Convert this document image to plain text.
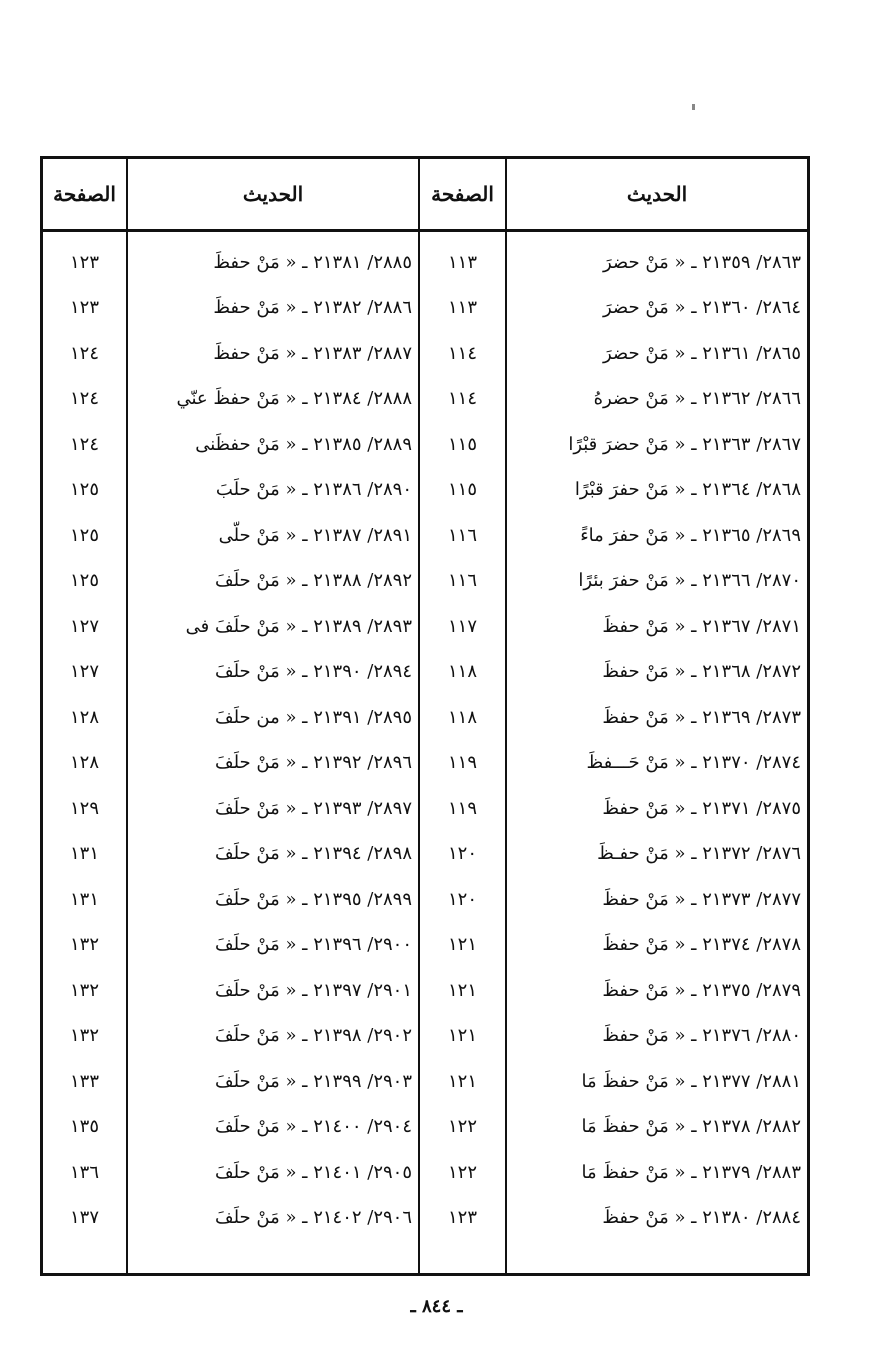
الصفحة	الحديث	الصفحة	الحديث
١٢٣	٢٨٨٥/ ٢١٣٨١ ـ « مَنْ حفظَ	١١٣	٢٨٦٣/ ٢١٣٥٩ ـ « مَنْ حضرَ
١٢٣	٢٨٨٦/ ٢١٣٨٢ ـ « مَنْ حفظَ	١١٣	٢٨٦٤/ ٢١٣٦٠ ـ « مَنْ حضرَ
١٢٤	٢٨٨٧/ ٢١٣٨٣ ـ « مَنْ حفظَ	١١٤	٢٨٦٥/ ٢١٣٦١ ـ « مَنْ حضرَ
١٢٤	٢٨٨٨/ ٢١٣٨٤ ـ « مَنْ حفظَ عنّي	١١٤	٢٨٦٦/ ٢١٣٦٢ ـ « مَنْ حضرهُ
١٢٤	٢٨٨٩/ ٢١٣٨٥ ـ « مَنْ حفظَنى	١١٥	٢٨٦٧/ ٢١٣٦٣ ـ « مَنْ حضرَ قبْرًا
١٢٥	٢٨٩٠/ ٢١٣٨٦ ـ « مَنْ حلَبَ	١١٥	٢٨٦٨/ ٢١٣٦٤ ـ « مَنْ حفرَ قبْرًا
١٢٥	٢٨٩١/ ٢١٣٨٧ ـ « مَنْ حلّى	١١٦	٢٨٦٩/ ٢١٣٦٥ ـ « مَنْ حفرَ ماءً
١٢٥	٢٨٩٢/ ٢١٣٨٨ ـ « مَنْ حلَفَ	١١٦	٢٨٧٠/ ٢١٣٦٦ ـ « مَنْ حفرَ بئرًا
١٢٧	٢٨٩٣/ ٢١٣٨٩ ـ « مَنْ حلَفَ فى	١١٧	٢٨٧١/ ٢١٣٦٧ ـ « مَنْ حفظَ
١٢٧	٢٨٩٤/ ٢١٣٩٠ ـ « مَنْ حلَفَ	١١٨	٢٨٧٢/ ٢١٣٦٨ ـ « مَنْ حفظَ
١٢٨	٢٨٩٥/ ٢١٣٩١ ـ « من حلَفَ	١١٨	٢٨٧٣/ ٢١٣٦٩ ـ « مَنْ حفظَ
١٢٨	٢٨٩٦/ ٢١٣٩٢ ـ « مَنْ حلَفَ	١١٩	٢٨٧٤/ ٢١٣٧٠ ـ « مَنْ حَـــفظَ
١٢٩	٢٨٩٧/ ٢١٣٩٣ ـ « مَنْ حلَفَ	١١٩	٢٨٧٥/ ٢١٣٧١ ـ « مَنْ حفظَ
١٣١	٢٨٩٨/ ٢١٣٩٤ ـ « مَنْ حلَفَ	١٢٠	٢٨٧٦/ ٢١٣٧٢ ـ « مَنْ حفـظَ
١٣١	٢٨٩٩/ ٢١٣٩٥ ـ « مَنْ حلَفَ	١٢٠	٢٨٧٧/ ٢١٣٧٣ ـ « مَنْ حفظَ
١٣٢	٢٩٠٠/ ٢١٣٩٦ ـ « مَنْ حلَفَ	١٢١	٢٨٧٨/ ٢١٣٧٤ ـ « مَنْ حفظَ
١٣٢	٢٩٠١/ ٢١٣٩٧ ـ « مَنْ حلَفَ	١٢١	٢٨٧٩/ ٢١٣٧٥ ـ « مَنْ حفظَ
١٣٢	٢٩٠٢/ ٢١٣٩٨ ـ « مَنْ حلَفَ	١٢١	٢٨٨٠/ ٢١٣٧٦ ـ « مَنْ حفظَ
١٣٣	٢٩٠٣/ ٢١٣٩٩ ـ « مَنْ حلَفَ	١٢١	٢٨٨١/ ٢١٣٧٧ ـ « مَنْ حفظَ مَا
١٣٥	٢٩٠٤/ ٢١٤٠٠ ـ « مَنْ حلَفَ	١٢٢	٢٨٨٢/ ٢١٣٧٨ ـ « مَنْ حفظَ مَا
١٣٦	٢٩٠٥/ ٢١٤٠١ ـ « مَنْ حلَفَ	١٢٢	٢٨٨٣/ ٢١٣٧٩ ـ « مَنْ حفظَ مَا
١٣٧	٢٩٠٦/ ٢١٤٠٢ ـ « مَنْ حلَفَ	١٢٣	٢٨٨٤/ ٢١٣٨٠ ـ « مَنْ حفظَ
ـ ٨٤٤ ـ
